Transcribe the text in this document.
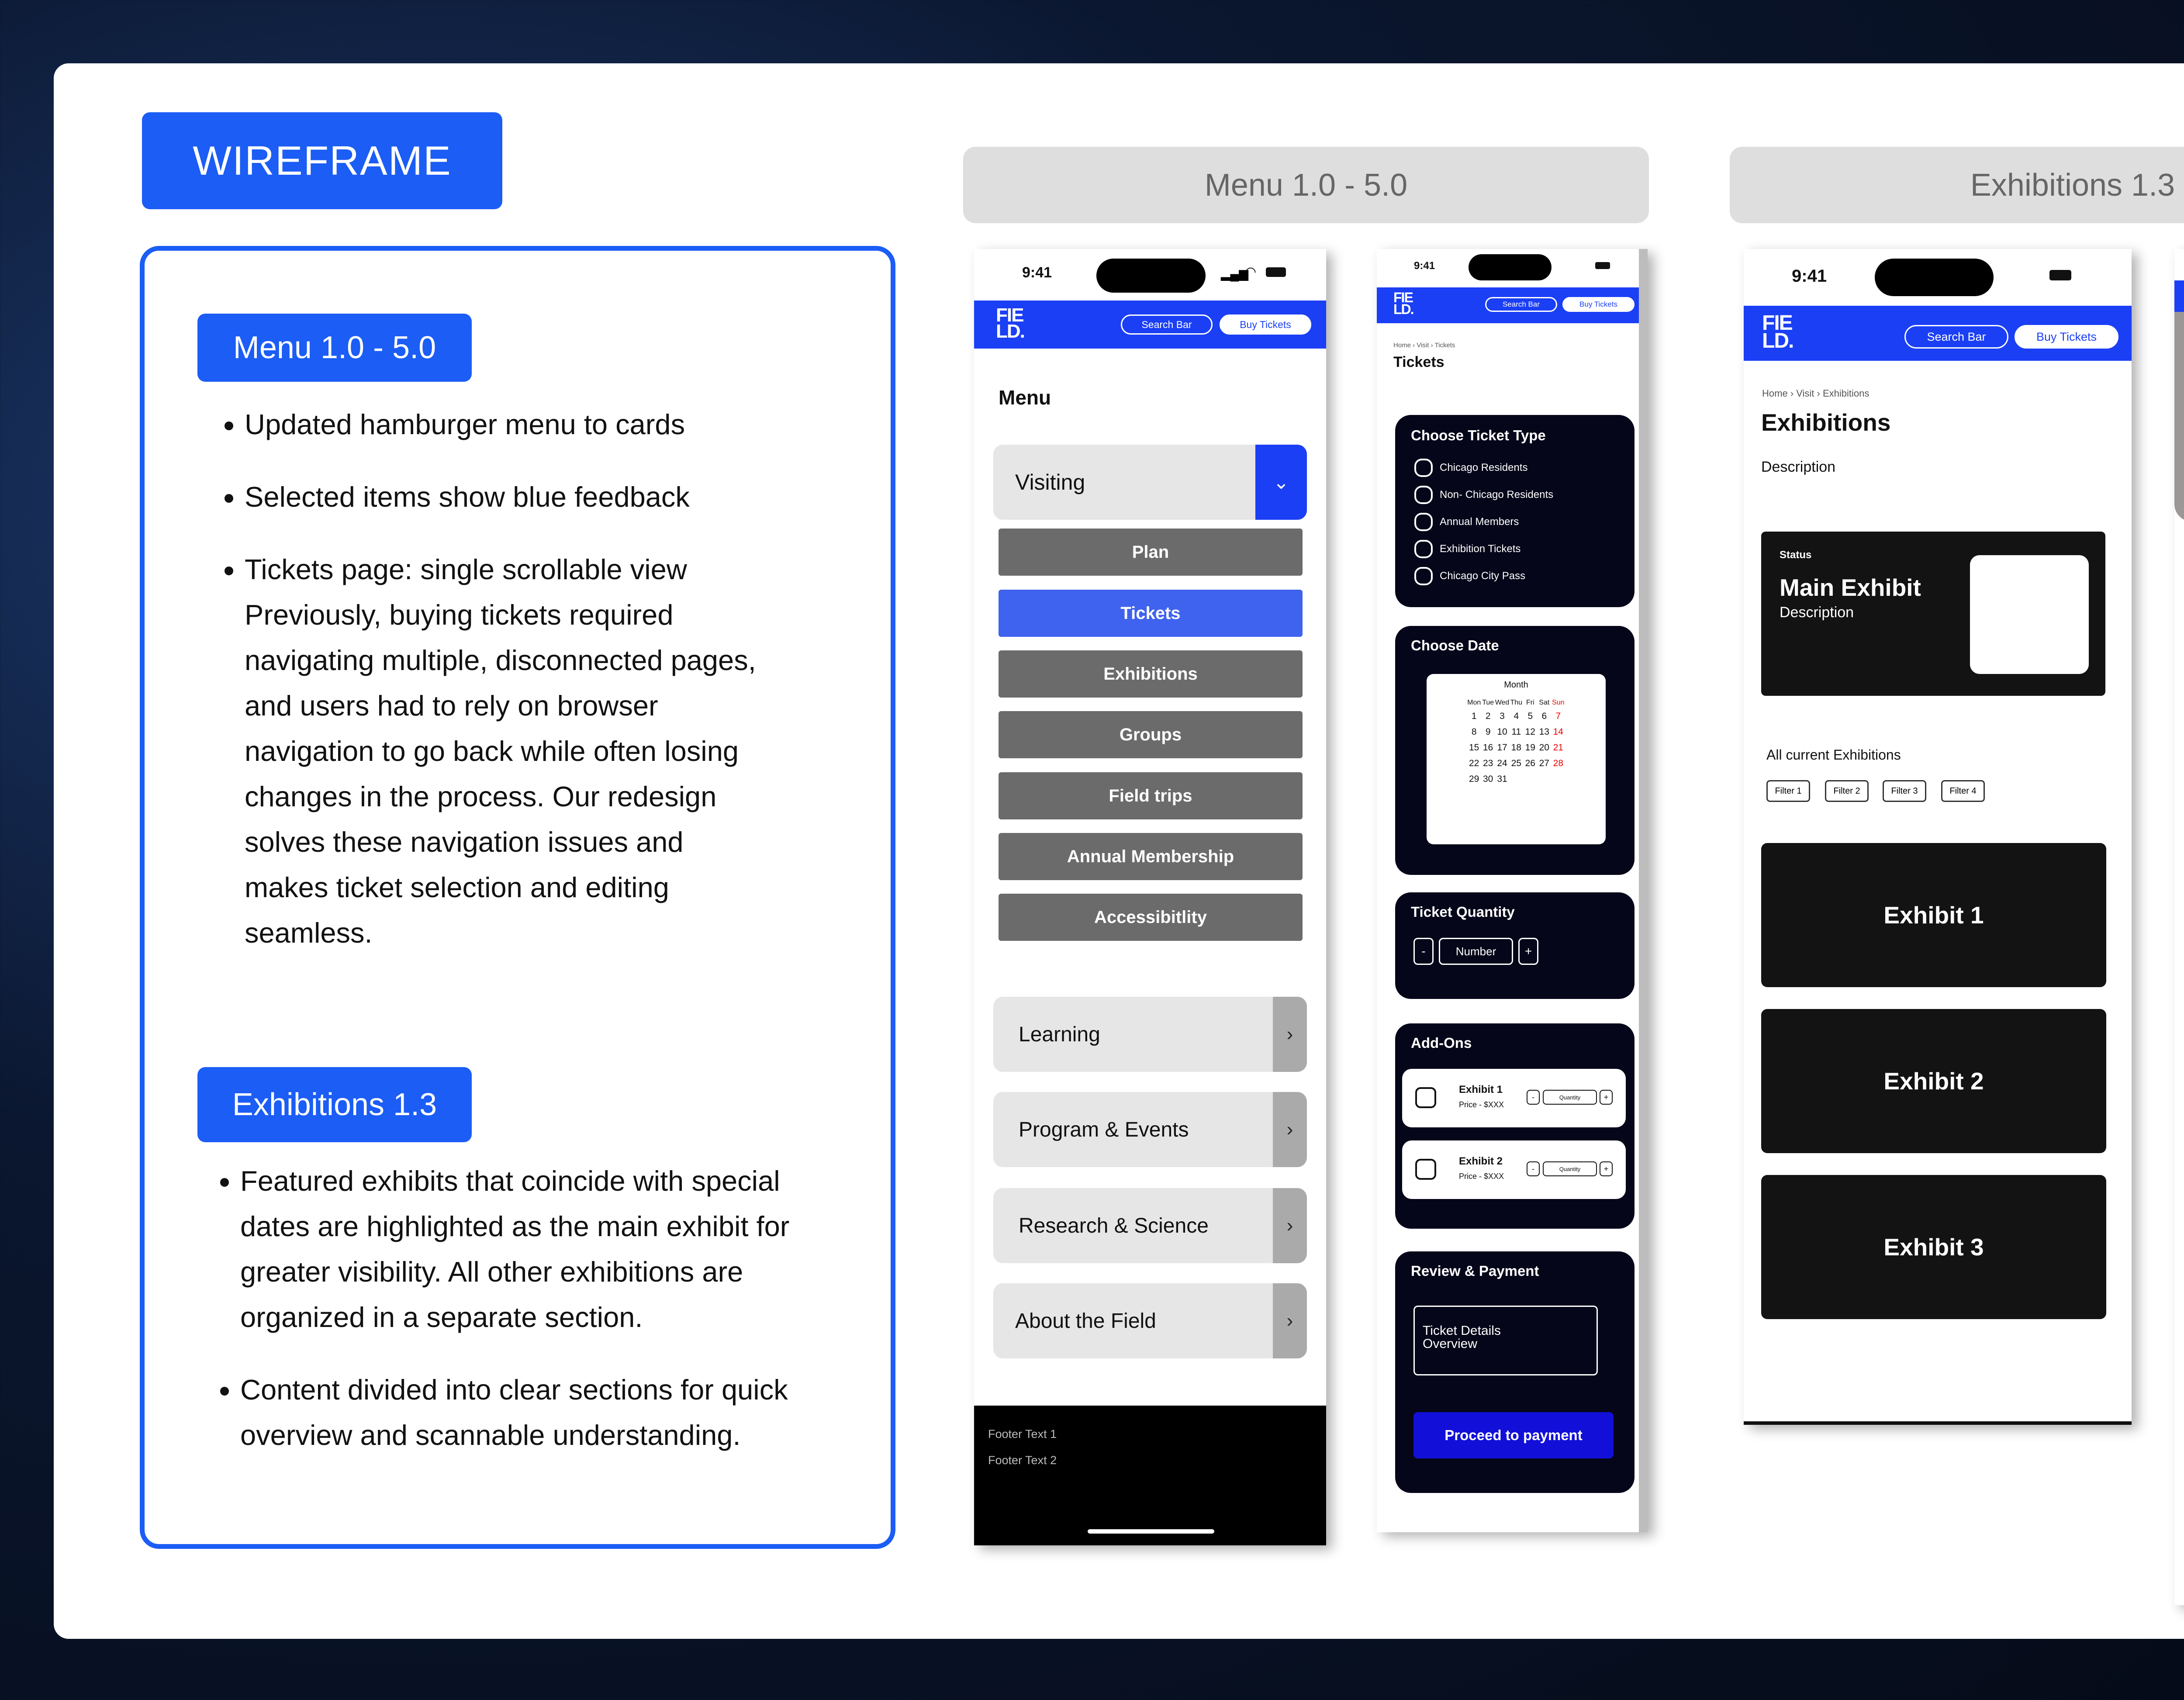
WIREFRAME
Menu 1.0 - 5.0
• Updated hamburger menu to cards
• Selected items show blue feedback
• Tickets page: single scrollable view Previously, buying tickets required navigating multiple, disconnected pages, and users had to rely on browser navigation to go back while often losing changes in the process. Our redesign solves these navigation issues and makes ticket selection and editing seamless.
Exhibitions 1.3
• Featured exhibits that coincide with special dates are highlighted as the main exhibit for greater visibility. All other exhibitions are organized in a separate section.
• Content divided into clear sections for quick overview and scannable understanding.
Menu 1.0 - 5.0	Exhibitions 1.3
9:41	▂▄▆
◠
FIE
LD.	Search Bar	Buy Tickets
Menu
Visiting	⌄
Plan
Tickets
Exhibitions
Groups
Field trips
Annual Membership
Accessibitlity
Learning	›
Program & Events	›
Research & Science	›
About the Field	›
Footer Text 1
Footer Text 2
9:41
FIE
LD.	Search Bar	Buy Tickets
Home › Visit › Tickets
Tickets
Choose Ticket Type
Chicago Residents
Non- Chicago Residents
Annual Members
Exhibition Tickets
Chicago City Pass
Choose Date
Month
Mon	Tue	Wed	Thu	Fri	Sat	Sun
1	2	3	4	5	6	7
8	9	10	11	12	13	14
15	16	17	18	19	20	21
22	23	24	25	26	27	28
29	30	31				
Ticket Quantity
-	Number	+
Add-Ons
Exhibit 1
Price - $XXX
-	Quantity	+
Exhibit 2
Price - $XXX
-	Quantity	+
Review & Payment
Ticket Details Overview
Proceed to payment
9:41
FIE
LD.	Search Bar	Buy Tickets
Home › Visit › Exhibitions
Exhibitions
Description
Status
Main Exhibit
Description
All current Exhibitions
Filter 1	Filter 2	Filter 3	Filter 4
Exhibit 1
Exhibit 2
Exhibit 3
